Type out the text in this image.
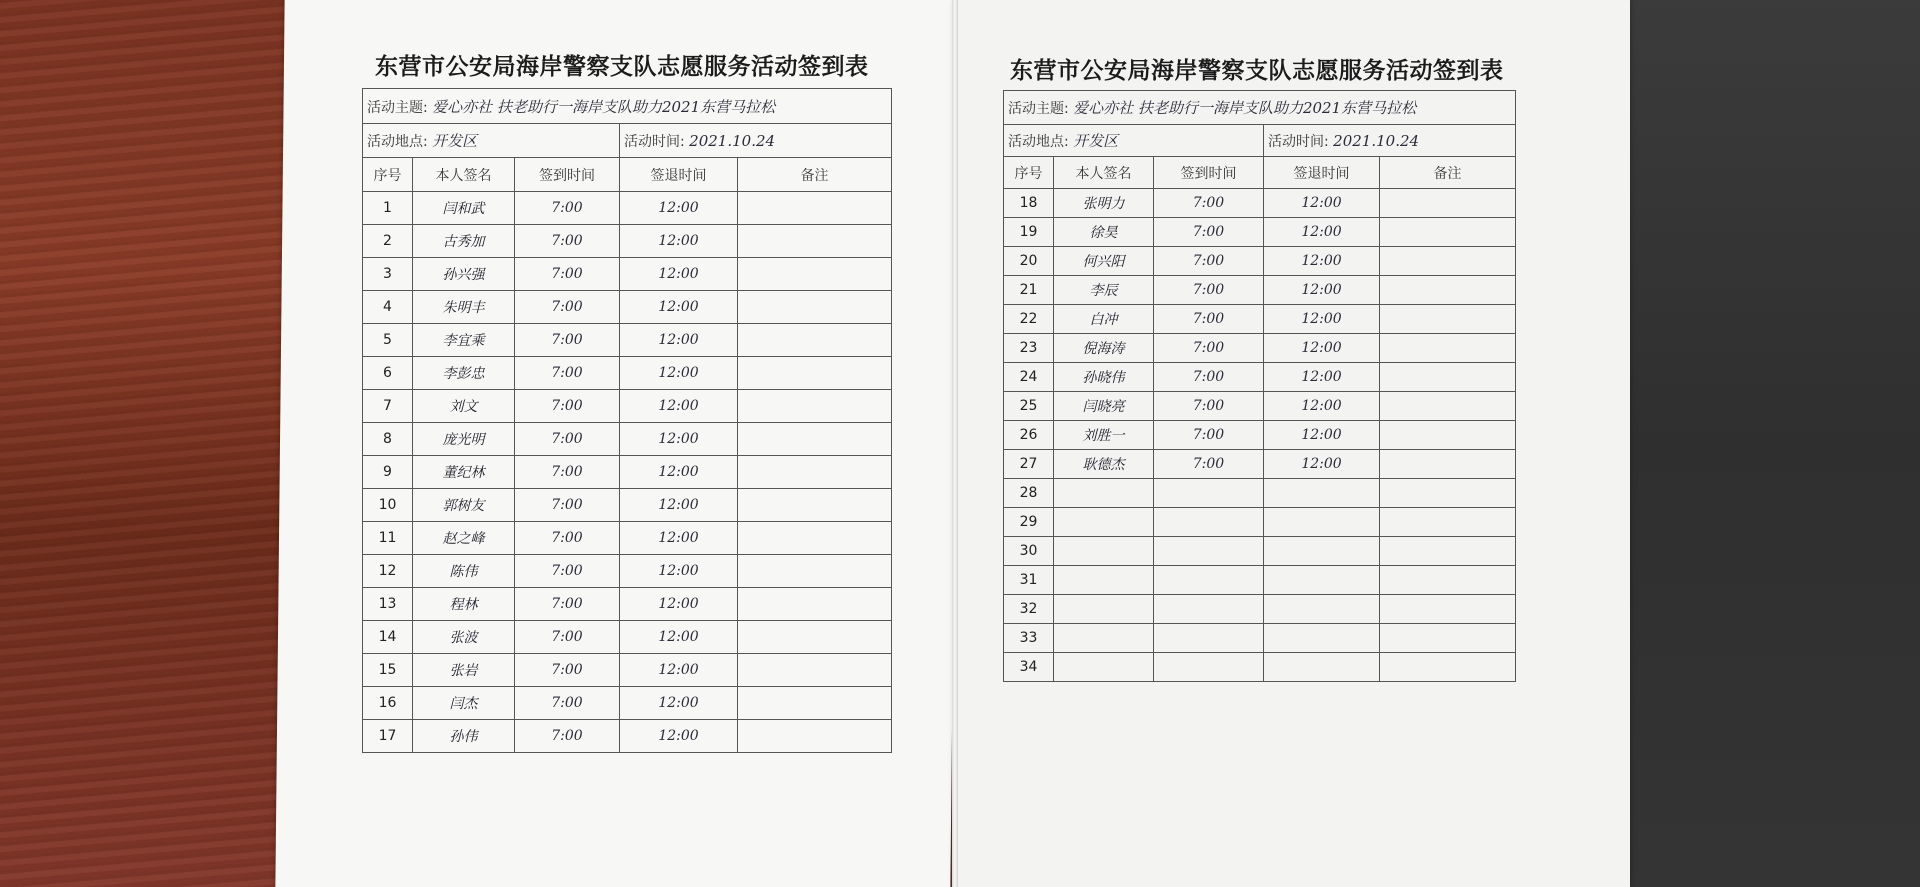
东营市公安局海岸警察支队志愿服务活动签到表
活动主题: 爱心亦社 扶老助行一海岸支队助力2021东营马拉松				
活动地点: 开发区			活动时间: 2021.10.24	
序号	本人签名	签到时间	签退时间	备注
1	闫和武	7:00	12:00	
2	古秀加	7:00	12:00	
3	孙兴强	7:00	12:00	
4	朱明丰	7:00	12:00	
5	李宜乘	7:00	12:00	
6	李彭忠	7:00	12:00	
7	刘文	7:00	12:00	
8	庞光明	7:00	12:00	
9	董纪林	7:00	12:00	
10	郭树友	7:00	12:00	
11	赵之峰	7:00	12:00	
12	陈伟	7:00	12:00	
13	程林	7:00	12:00	
14	张波	7:00	12:00	
15	张岩	7:00	12:00	
16	闫杰	7:00	12:00	
17	孙伟	7:00	12:00	
东营市公安局海岸警察支队志愿服务活动签到表
活动主题: 爱心亦社 扶老助行一海岸支队助力2021东营马拉松				
活动地点: 开发区			活动时间: 2021.10.24	
序号	本人签名	签到时间	签退时间	备注
18	张明力	7:00	12:00	
19	徐昊	7:00	12:00	
20	何兴阳	7:00	12:00	
21	李辰	7:00	12:00	
22	白冲	7:00	12:00	
23	倪海涛	7:00	12:00	
24	孙晓伟	7:00	12:00	
25	闫晓亮	7:00	12:00	
26	刘胜一	7:00	12:00	
27	耿德杰	7:00	12:00	
28				
29				
30				
31				
32				
33				
34				
